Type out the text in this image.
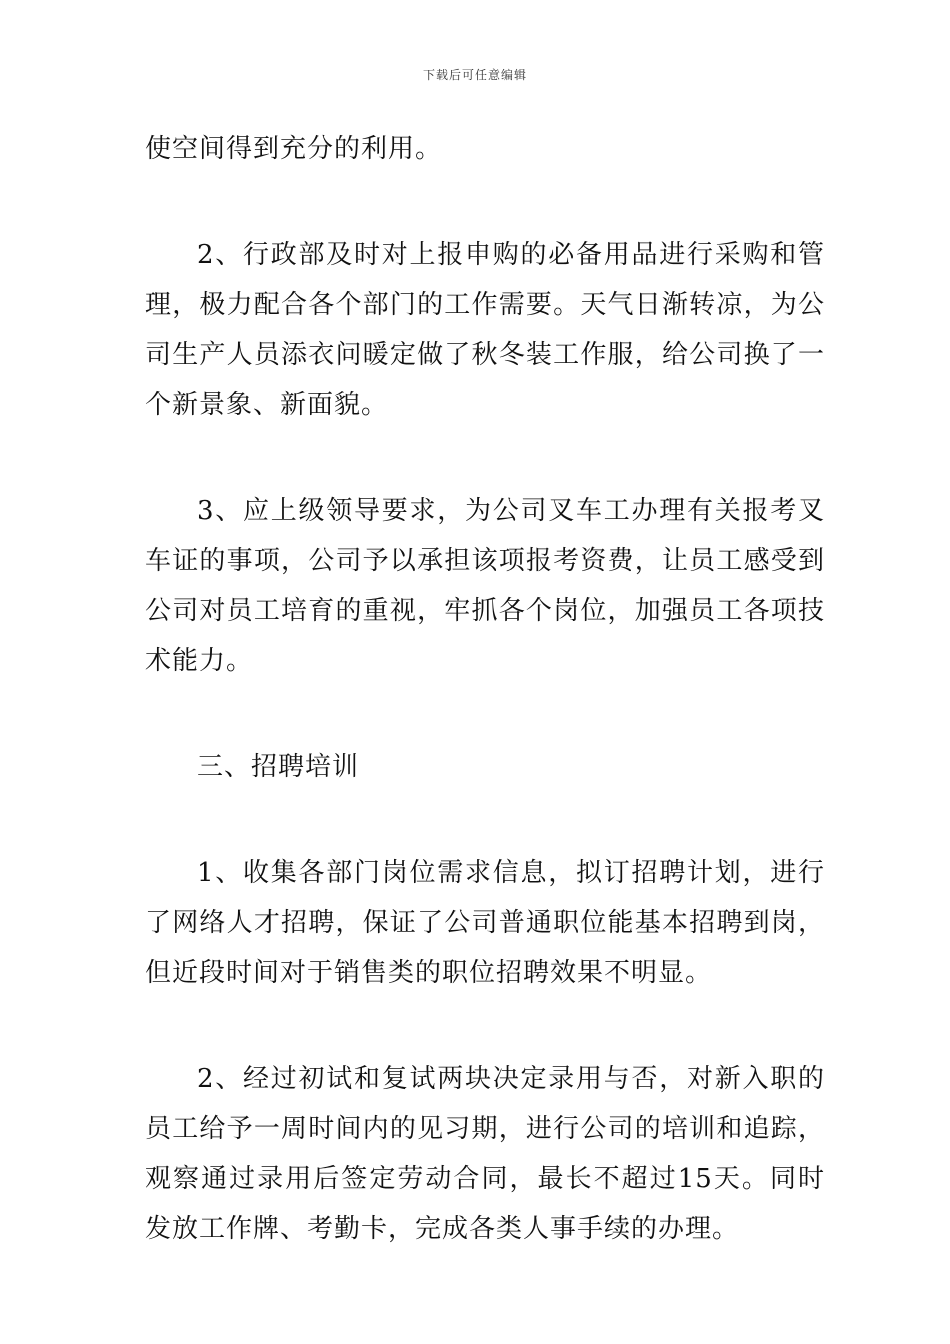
下载后可任意编辑

使空间得到充分的利用。

2、行政部及时对上报申购的必备用品进行采购和管理，极力配合各个部门的工作需要。天气日渐转凉，为公司生产人员添衣问暖定做了秋冬装工作服，给公司换了一个新景象、新面貌。

3、应上级领导要求，为公司叉车工办理有关报考叉车证的事项，公司予以承担该项报考资费，让员工感受到公司对员工培育的重视，牢抓各个岗位，加强员工各项技术能力。

三、招聘培训

1、收集各部门岗位需求信息，拟订招聘计划，进行了网络人才招聘，保证了公司普通职位能基本招聘到岗，但近段时间对于销售类的职位招聘效果不明显。

2、经过初试和复试两块决定录用与否，对新入职的员工给予一周时间内的见习期，进行公司的培训和追踪，观察通过录用后签定劳动合同，最长不超过15天。同时发放工作牌、考勤卡，完成各类人事手续的办理。
